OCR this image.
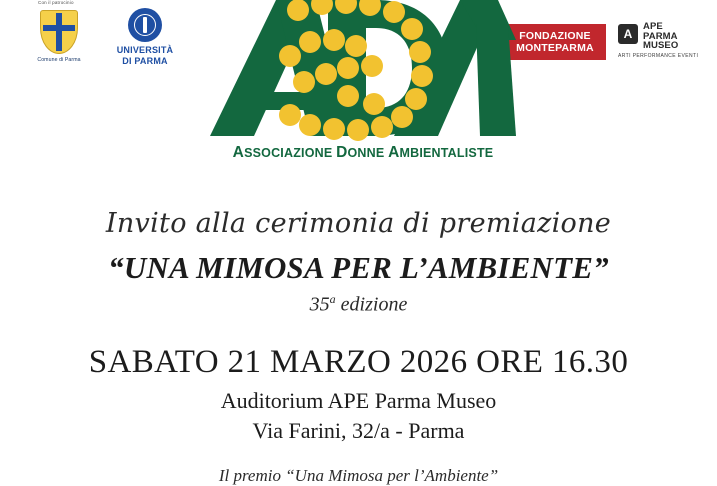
Con il patrocinio
Comune di Parma
UNIVERSITÀ
DI PARMA
FONDAZIONE
MONTEPARMA
A
APE
PARMA
MUSEO
ARTI PERFORMANCE EVENTI
ASSOCIAZIONE DONNE AMBIENTALISTE
Invito alla cerimonia di premiazione
“UNA MIMOSA PER L’AMBIENTE”
35$^a$ edizione
SABATO 21 MARZO 2026 ORE 16.30
Auditorium APE Parma Museo
Via Farini, 32/a - Parma
Il premio “Una Mimosa per l’Ambiente”
